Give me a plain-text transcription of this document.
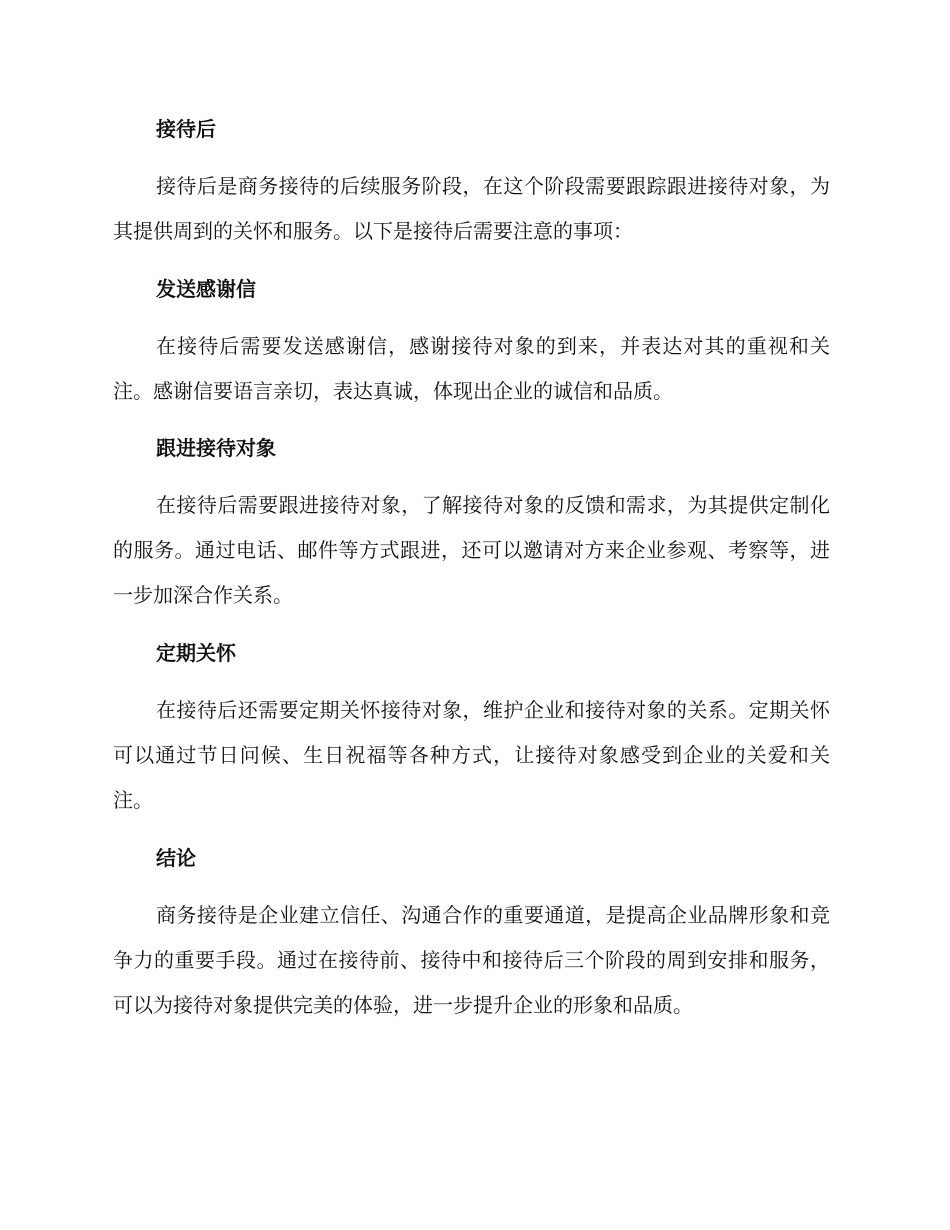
接待后

接待后是商务接待的后续服务阶段，在这个阶段需要跟踪跟进接待对象，为其提供周到的关怀和服务。以下是接待后需要注意的事项：

发送感谢信

在接待后需要发送感谢信，感谢接待对象的到来，并表达对其的重视和关注。感谢信要语言亲切，表达真诚，体现出企业的诚信和品质。

跟进接待对象

在接待后需要跟进接待对象，了解接待对象的反馈和需求，为其提供定制化的服务。通过电话、邮件等方式跟进，还可以邀请对方来企业参观、考察等，进一步加深合作关系。

定期关怀

在接待后还需要定期关怀接待对象，维护企业和接待对象的关系。定期关怀可以通过节日问候、生日祝福等各种方式，让接待对象感受到企业的关爱和关注。

结论

商务接待是企业建立信任、沟通合作的重要通道，是提高企业品牌形象和竞争力的重要手段。通过在接待前、接待中和接待后三个阶段的周到安排和服务，可以为接待对象提供完美的体验，进一步提升企业的形象和品质。
